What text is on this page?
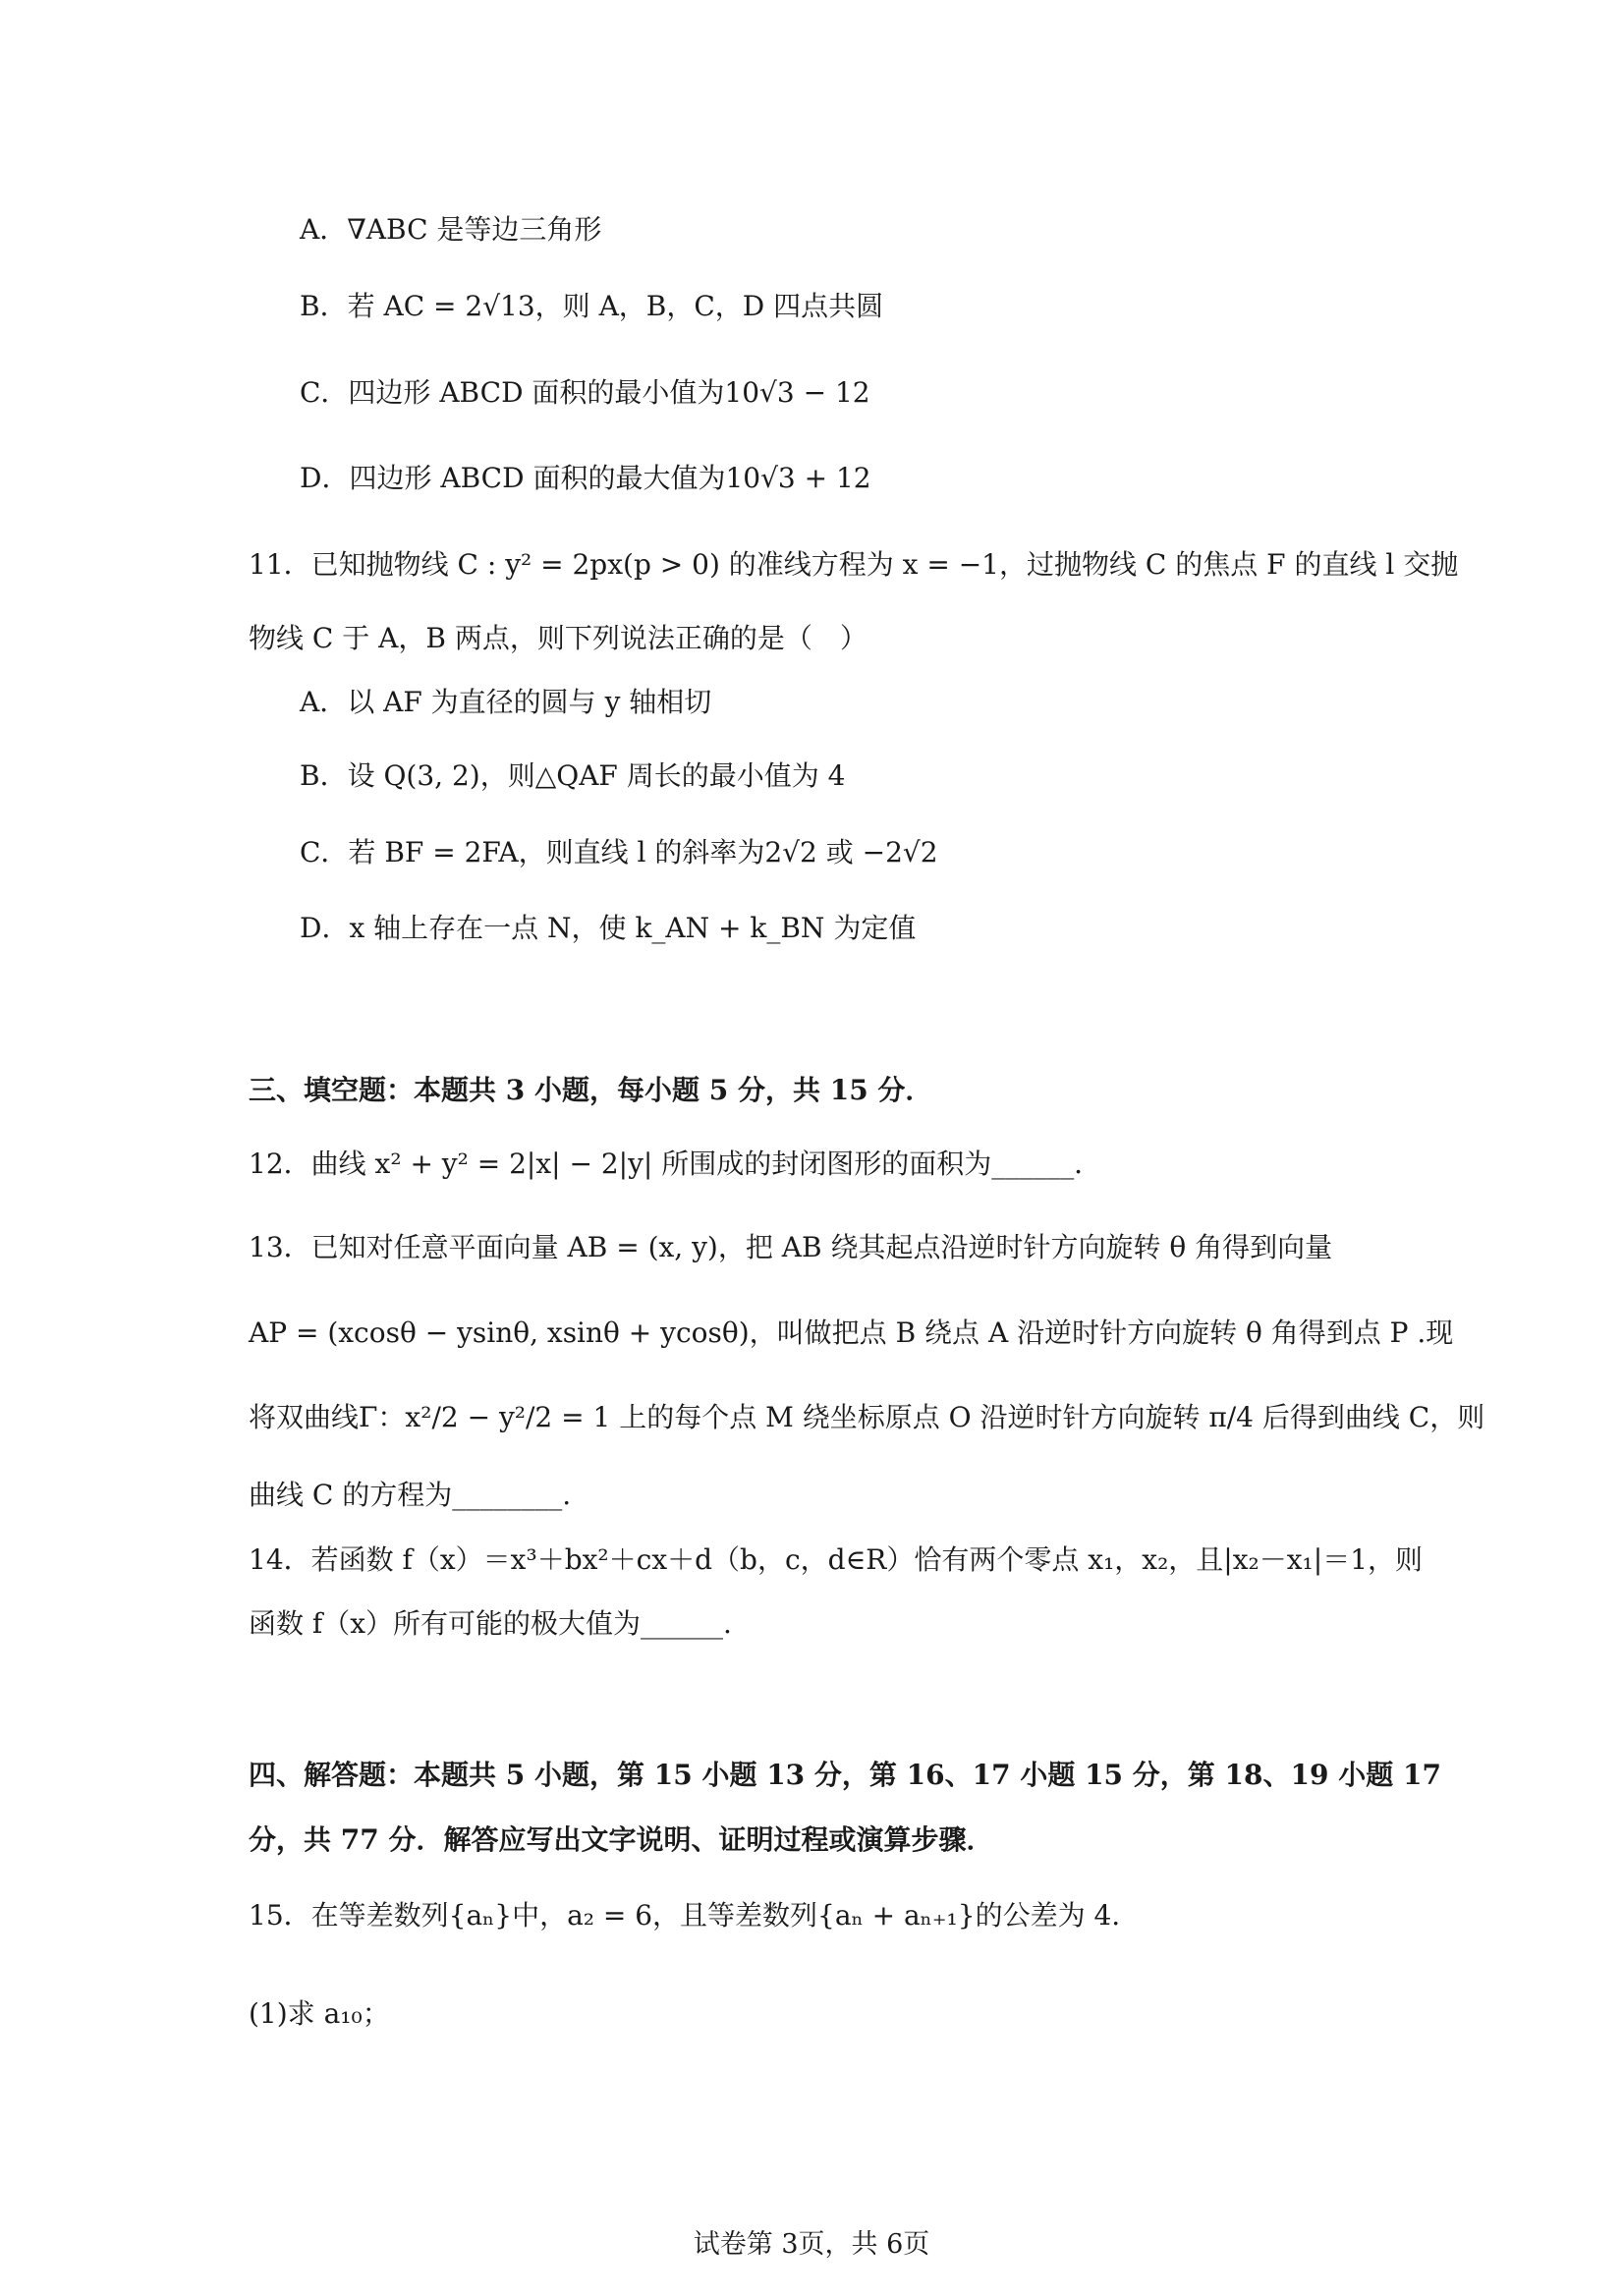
A．∇ABC 是等边三角形
B．若 AC = 2√13，则 A，B，C，D 四点共圆
C．四边形 ABCD 面积的最小值为10√3 − 12
D．四边形 ABCD 面积的最大值为10√3 + 12
11．已知抛物线 C : y² = 2px(p > 0) 的准线方程为 x = −1，过抛物线 C 的焦点 F 的直线 l 交抛
物线 C 于 A，B 两点，则下列说法正确的是（　）
A．以 AF 为直径的圆与 y 轴相切
B．设 Q(3, 2)，则△QAF 周长的最小值为 4
C．若 BF = 2FA，则直线 l 的斜率为2√2 或 −2√2
D．x 轴上存在一点 N，使 k_AN + k_BN 为定值
三、填空题：本题共 3 小题，每小题 5 分，共 15 分．
12．曲线 x² + y² = 2|x| − 2|y| 所围成的封闭图形的面积为______．
13．已知对任意平面向量 AB = (x, y)，把 AB 绕其起点沿逆时针方向旋转 θ 角得到向量
AP = (xcosθ − ysinθ, xsinθ + ycosθ)，叫做把点 B 绕点 A 沿逆时针方向旋转 θ 角得到点 P .现
将双曲线Γ：x²/2 − y²/2 = 1 上的每个点 M 绕坐标原点 O 沿逆时针方向旋转 π/4 后得到曲线 C，则
曲线 C 的方程为________.
14．若函数 f（x）＝x³＋bx²＋cx＋d（b，c，d∈R）恰有两个零点 x₁，x₂，且|x₂－x₁|＝1，则
函数 f（x）所有可能的极大值为______.
四、解答题：本题共 5 小题，第 15 小题 13 分，第 16、17 小题 15 分，第 18、19 小题 17
分，共 77 分．解答应写出文字说明、证明过程或演算步骤．
15．在等差数列{aₙ}中，a₂ = 6，且等差数列{aₙ + aₙ₊₁}的公差为 4.
(1)求 a₁₀；
试卷第 3页，共 6页
